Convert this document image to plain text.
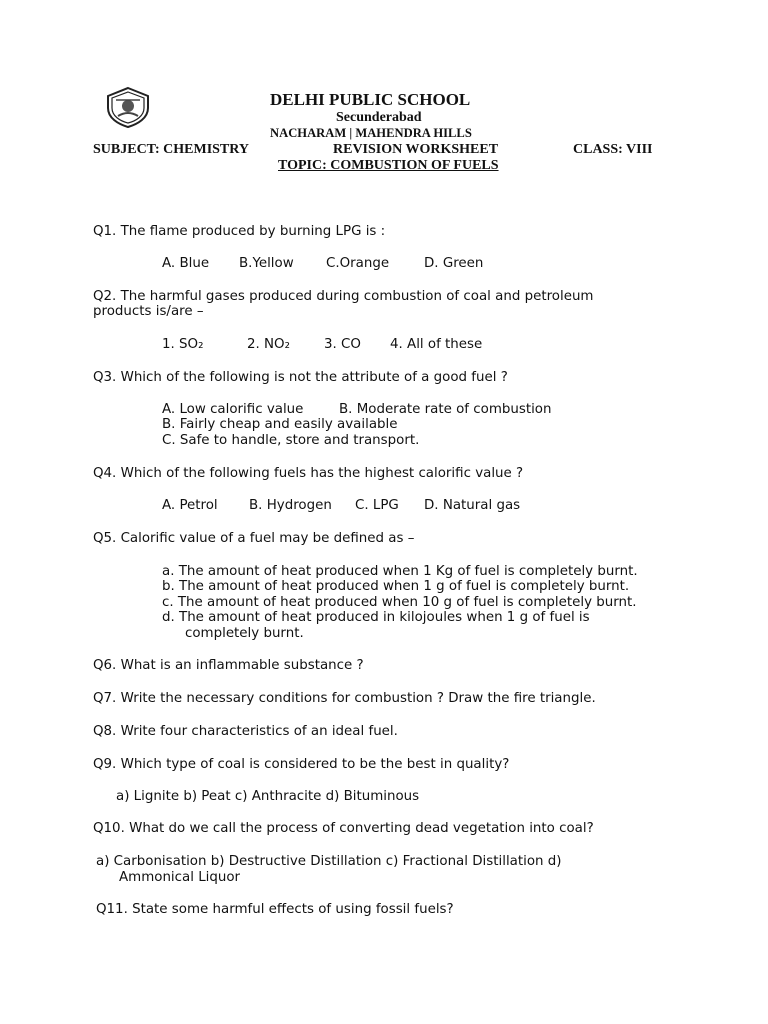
DELHI PUBLIC SCHOOL
Secunderabad
NACHARAM | MAHENDRA HILLS
SUBJECT: CHEMISTRY	REVISION WORKSHEET	CLASS: VIII
TOPIC: COMBUSTION OF FUELS
Q1. The flame produced by burning LPG is :
A. Blue B.Yellow C.Orange	D. Green
Q2. The harmful gases produced during combustion of coal and petroleum
products is/are –
1. SO₂	2. NO₂	3. CO 4. All of these
Q3. Which of the following is not the attribute of a good fuel ?
A. Low calorific value	B. Moderate rate of combustion
B. Fairly cheap and easily available
C. Safe to handle, store and transport.
Q4. Which of the following fuels has the highest calorific value ?
A. Petrol B. Hydrogen C. LPG D. Natural gas
Q5. Calorific value of a fuel may be defined as –
a. The amount of heat produced when 1 Kg of fuel is completely burnt.
b. The amount of heat produced when 1 g of fuel is completely burnt.
c. The amount of heat produced when 10 g of fuel is completely burnt.
d. The amount of heat produced in kilojoules when 1 g of fuel is
completely burnt.
Q6. What is an inflammable substance ?
Q7. Write the necessary conditions for combustion ? Draw the fire triangle.
Q8. Write four characteristics of an ideal fuel.
Q9. Which type of coal is considered to be the best in quality?
a) Lignite b) Peat c) Anthracite d) Bituminous
Q10. What do we call the process of converting dead vegetation into coal?
a) Carbonisation b) Destructive Distillation c) Fractional Distillation d)
Ammonical Liquor
Q11. State some harmful effects of using fossil fuels?
